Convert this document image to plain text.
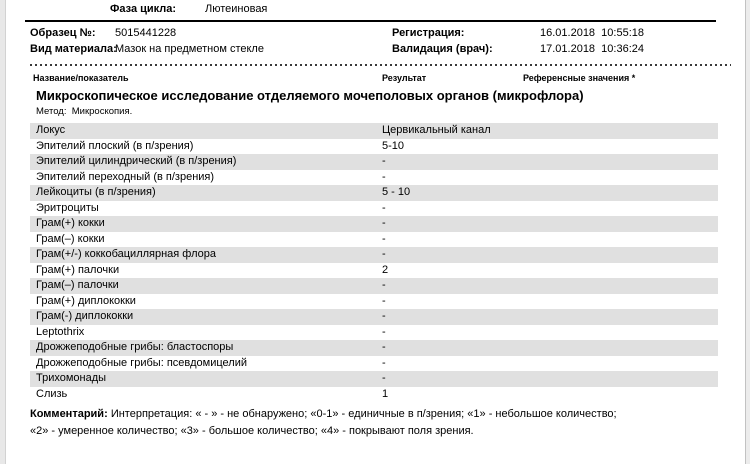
Фаза цикла:	Лютеиновая
Образец №: 5015441228	Регистрация:	16.01.2018  10:55:18
Вид материала:
Мазок на предметном стекле	Валидация (врач):	17.01.2018  10:36:24
Название/показатель	Результат	Референсные значения *
Микроскопическое исследование отделяемого мочеполовых органов (микрофлора)
Метод:  Микроскопия.
Локус	Цервикальный канал
Эпителий плоский (в п/зрения)	5-10
Эпителий цилиндрический (в п/зрения)	-
Эпителий переходный (в п/зрения)	-
Лейкоциты (в п/зрения)	5 - 10
Эритроциты	-
Грам(+) кокки	-
Грам(–) кокки	-
Грам(+/-) коккобациллярная флора	-
Грам(+) палочки	2
Грам(–) палочки	-
Грам(+) диплококки	-
Грам(-) диплококки	-
Leptothrix	-
Дрожжеподобные грибы: бластоспоры	-
Дрожжеподобные грибы: псевдомицелий	-
Трихомонады	-
Слизь	1
Комментарий: Интерпретация: « - » - не обнаружено; «0-1» - единичные в п/зрения; «1» - небольшое количество;
«2» - умеренное количество; «3» - большое количество; «4» - покрывают поля зрения.
